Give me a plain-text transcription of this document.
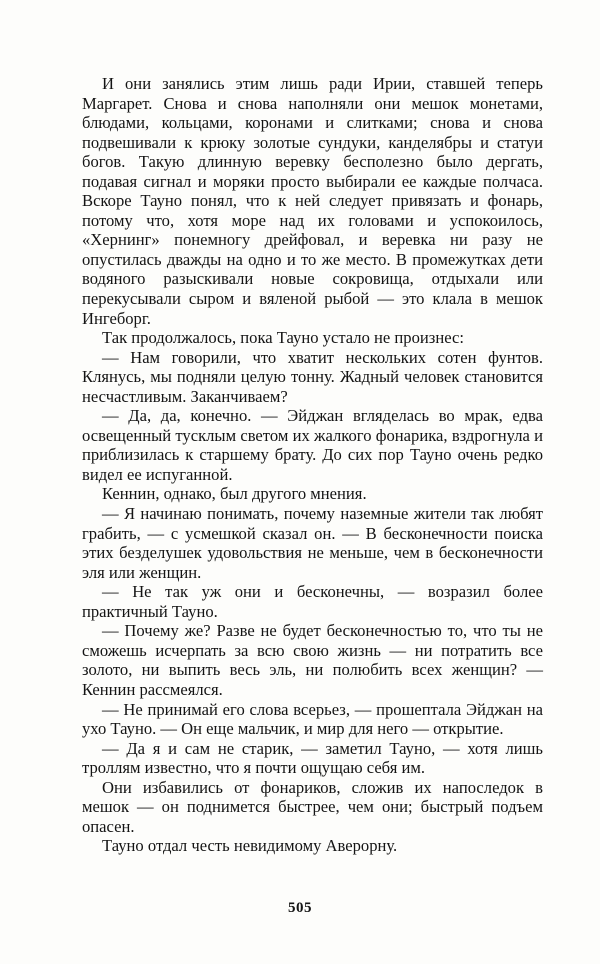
И они занялись этим лишь ради Ирии, ставшей теперь Маргарет. Снова и снова наполняли они мешок монетами, блюдами, кольцами, коронами и слитками; снова и снова подвешивали к крюку золотые сундуки, канделябры и статуи богов. Такую длинную веревку бесполезно было дергать, подавая сигнал и моряки просто выбирали ее каждые полчаса. Вскоре Тауно понял, что к ней следует привязать и фонарь, потому что, хотя море над их головами и успокоилось, «Хернинг» понемногу дрейфовал, и веревка ни разу не опустилась дважды на одно и то же место. В промежутках дети водяного разыскивали новые сокровища, отдыхали или перекусывали сыром и вяленой рыбой — это клала в мешок Ингеборг.

Так продолжалось, пока Тауно устало не произнес:

— Нам говорили, что хватит нескольких сотен фунтов. Клянусь, мы подняли целую тонну. Жадный человек становится несчастливым. Заканчиваем?

— Да, да, конечно. — Эйджан вгляделась во мрак, едва освещенный тусклым светом их жалкого фонарика, вздрогнула и приблизилась к старшему брату. До сих пор Тауно очень редко видел ее испуганной.

Кеннин, однако, был другого мнения.

— Я начинаю понимать, почему наземные жители так любят грабить, — с усмешкой сказал он. — В бесконечности поиска этих безделушек удовольствия не меньше, чем в бесконечности эля или женщин.

— Не так уж они и бесконечны, — возразил более практичный Тауно.

— Почему же? Разве не будет бесконечностью то, что ты не сможешь исчерпать за всю свою жизнь — ни потратить все золото, ни выпить весь эль, ни полюбить всех женщин? — Кеннин рассмеялся.

— Не принимай его слова всерьез, — прошептала Эйджан на ухо Тауно. — Он еще мальчик, и мир для него — открытие.

— Да я и сам не старик, — заметил Тауно, — хотя лишь троллям известно, что я почти ощущаю себя им.

Они избавились от фонариков, сложив их напоследок в мешок — он поднимется быстрее, чем они; быстрый подъем опасен.

Тауно отдал честь невидимому Аверорну.

505
